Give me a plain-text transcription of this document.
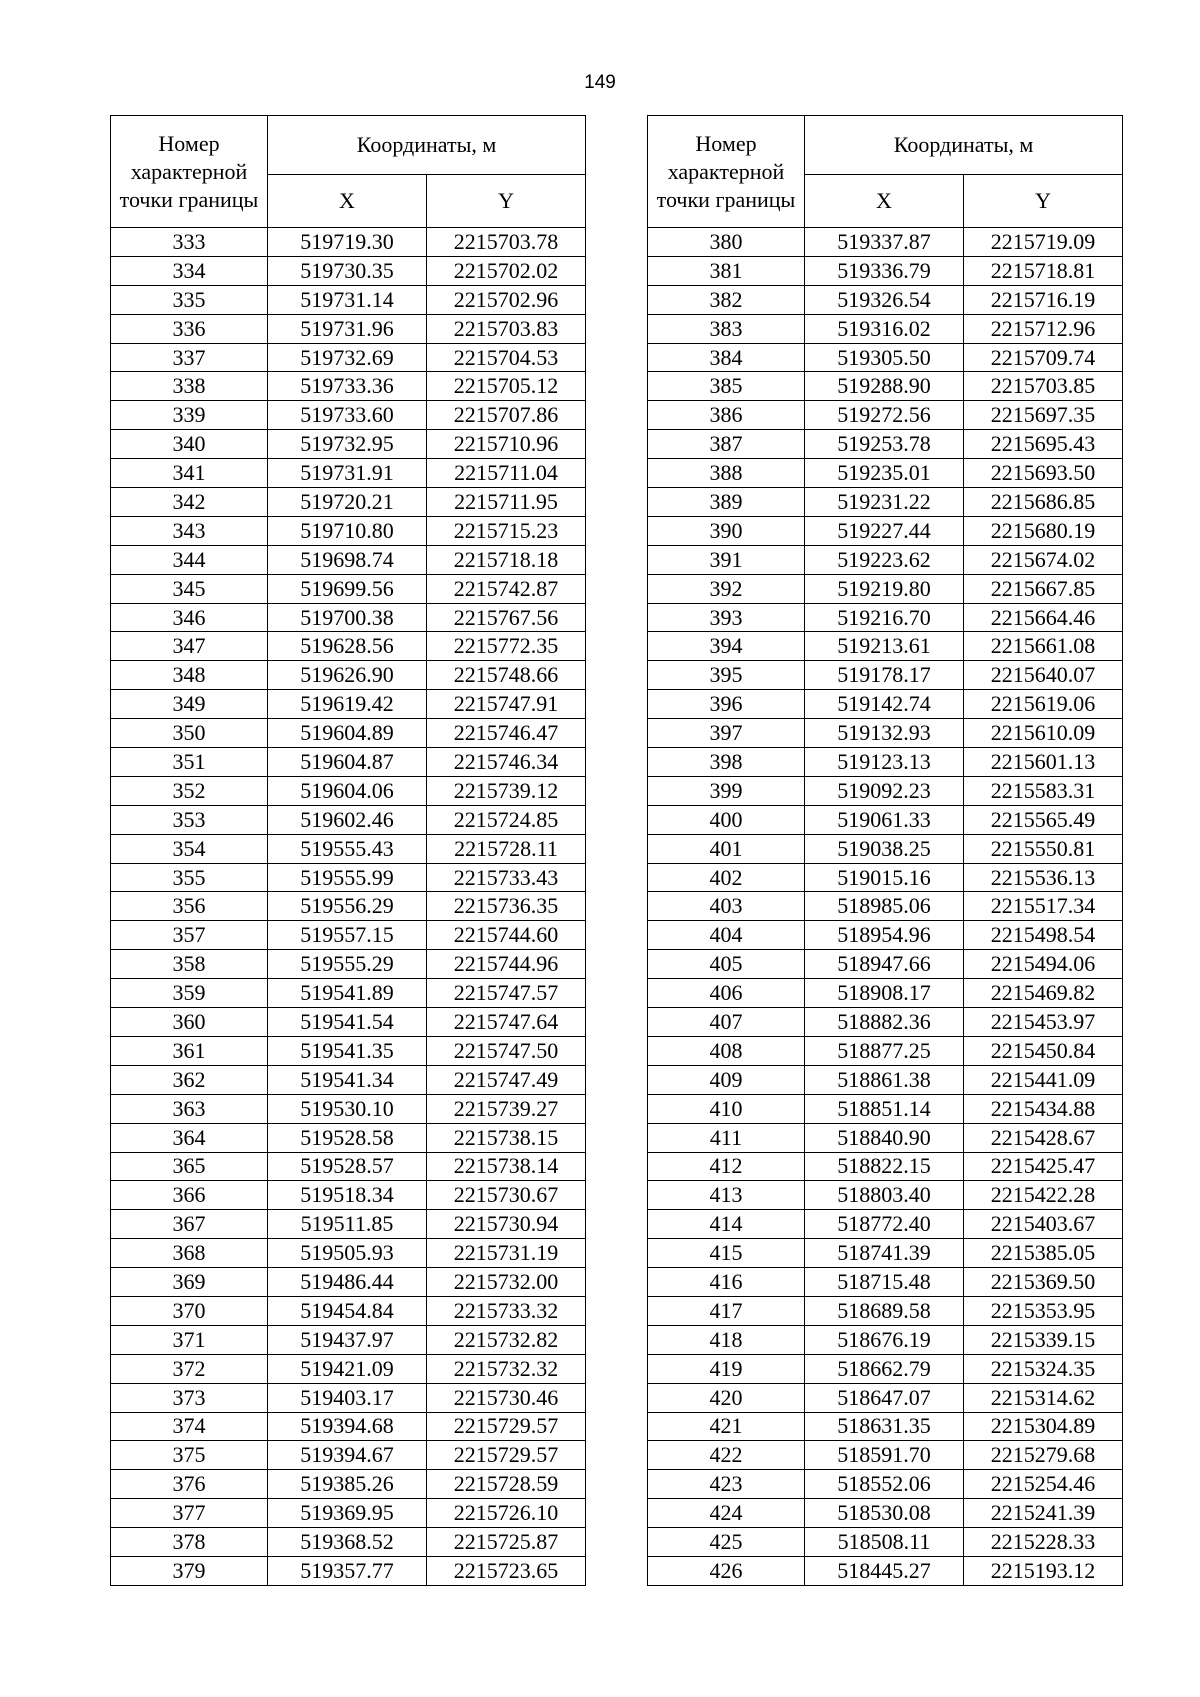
149
Номер характерной точки границы	Координаты, м	
	X	Y
333	519719.30	2215703.78
334	519730.35	2215702.02
335	519731.14	2215702.96
336	519731.96	2215703.83
337	519732.69	2215704.53
338	519733.36	2215705.12
339	519733.60	2215707.86
340	519732.95	2215710.96
341	519731.91	2215711.04
342	519720.21	2215711.95
343	519710.80	2215715.23
344	519698.74	2215718.18
345	519699.56	2215742.87
346	519700.38	2215767.56
347	519628.56	2215772.35
348	519626.90	2215748.66
349	519619.42	2215747.91
350	519604.89	2215746.47
351	519604.87	2215746.34
352	519604.06	2215739.12
353	519602.46	2215724.85
354	519555.43	2215728.11
355	519555.99	2215733.43
356	519556.29	2215736.35
357	519557.15	2215744.60
358	519555.29	2215744.96
359	519541.89	2215747.57
360	519541.54	2215747.64
361	519541.35	2215747.50
362	519541.34	2215747.49
363	519530.10	2215739.27
364	519528.58	2215738.15
365	519528.57	2215738.14
366	519518.34	2215730.67
367	519511.85	2215730.94
368	519505.93	2215731.19
369	519486.44	2215732.00
370	519454.84	2215733.32
371	519437.97	2215732.82
372	519421.09	2215732.32
373	519403.17	2215730.46
374	519394.68	2215729.57
375	519394.67	2215729.57
376	519385.26	2215728.59
377	519369.95	2215726.10
378	519368.52	2215725.87
379	519357.77	2215723.65
Номер характерной точки границы	Координаты, м	
	X	Y
380	519337.87	2215719.09
381	519336.79	2215718.81
382	519326.54	2215716.19
383	519316.02	2215712.96
384	519305.50	2215709.74
385	519288.90	2215703.85
386	519272.56	2215697.35
387	519253.78	2215695.43
388	519235.01	2215693.50
389	519231.22	2215686.85
390	519227.44	2215680.19
391	519223.62	2215674.02
392	519219.80	2215667.85
393	519216.70	2215664.46
394	519213.61	2215661.08
395	519178.17	2215640.07
396	519142.74	2215619.06
397	519132.93	2215610.09
398	519123.13	2215601.13
399	519092.23	2215583.31
400	519061.33	2215565.49
401	519038.25	2215550.81
402	519015.16	2215536.13
403	518985.06	2215517.34
404	518954.96	2215498.54
405	518947.66	2215494.06
406	518908.17	2215469.82
407	518882.36	2215453.97
408	518877.25	2215450.84
409	518861.38	2215441.09
410	518851.14	2215434.88
411	518840.90	2215428.67
412	518822.15	2215425.47
413	518803.40	2215422.28
414	518772.40	2215403.67
415	518741.39	2215385.05
416	518715.48	2215369.50
417	518689.58	2215353.95
418	518676.19	2215339.15
419	518662.79	2215324.35
420	518647.07	2215314.62
421	518631.35	2215304.89
422	518591.70	2215279.68
423	518552.06	2215254.46
424	518530.08	2215241.39
425	518508.11	2215228.33
426	518445.27	2215193.12
